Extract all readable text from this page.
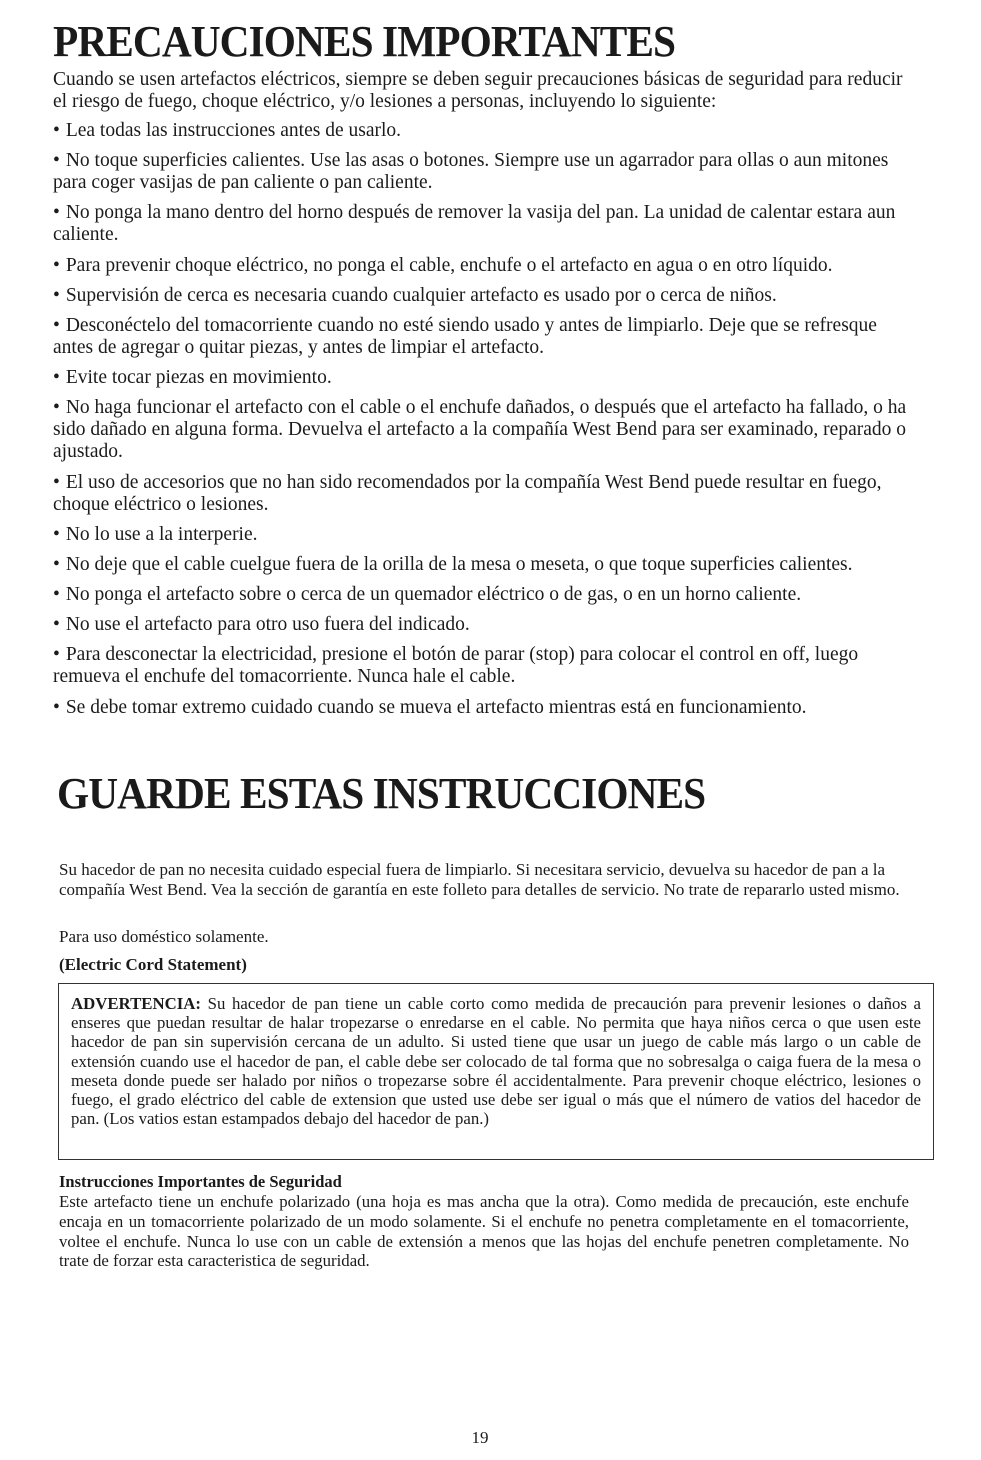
PRECAUCIONES IMPORTANTES

Cuando se usen artefactos eléctricos, siempre se deben seguir precauciones básicas de seguridad para reducir el riesgo de fuego, choque eléctrico, y/o lesiones a personas, incluyendo lo siguiente:

• Lea todas las instrucciones antes de usarlo.
• No toque superficies calientes. Use las asas o botones. Siempre use un agarrador para ollas o aun mitones para coger vasijas de pan caliente o pan caliente.
• No ponga la mano dentro del horno después de remover la vasija del pan. La unidad de calentar estara aun caliente.
• Para prevenir choque eléctrico, no ponga el cable, enchufe o el artefacto en agua o en otro líquido.
• Supervisión de cerca es necesaria cuando cualquier artefacto es usado por o cerca de niños.
• Desconéctelo del tomacorriente cuando no esté siendo usado y antes de limpiarlo. Deje que se refresque antes de agregar o quitar piezas, y antes de limpiar el artefacto.
• Evite tocar piezas en movimiento.
• No haga funcionar el artefacto con el cable o el enchufe dañados, o después que el artefacto ha fallado, o ha sido dañado en alguna forma. Devuelva el artefacto a la compañía West Bend para ser examinado, reparado o ajustado.
• El uso de accesorios que no han sido recomendados por la compañía West Bend puede resultar en fuego, choque eléctrico o lesiones.
• No lo use a la interperie.
• No deje que el cable cuelgue fuera de la orilla de la mesa o meseta, o que toque superficies calientes.
• No ponga el artefacto sobre o cerca de un quemador eléctrico o de gas, o en un horno caliente.
• No use el artefacto para otro uso fuera del indicado.
• Para desconectar la electricidad, presione el botón de parar (stop) para colocar el control en off, luego remueva el enchufe del tomacorriente. Nunca hale el cable.
• Se debe tomar extremo cuidado cuando se mueva el artefacto mientras está en funcionamiento.
GUARDE ESTAS INSTRUCCIONES

Su hacedor de pan no necesita cuidado especial fuera de limpiarlo. Si necesitara servicio, devuelva su hacedor de pan a la compañía West Bend. Vea la sección de garantía en este folleto para detalles de servicio. No trate de repararlo usted mismo.

Para uso doméstico solamente.

(Electric Cord Statement)

ADVERTENCIA: Su hacedor de pan tiene un cable corto como medida de precaución para prevenir lesiones o daños a enseres que puedan resultar de halar tropezarse o enredarse en el cable. No permita que haya niños cerca o que usen este hacedor de pan sin supervisión cercana de un adulto. Si usted tiene que usar un juego de cable más largo o un cable de extensión cuando use el hacedor de pan, el cable debe ser colocado de tal forma que no sobresalga o caiga fuera de la mesa o meseta donde puede ser halado por niños o tropezarse sobre él accidentalmente. Para prevenir choque eléctrico, lesiones o fuego, el grado eléctrico del cable de extension que usted use debe ser igual o más que el número de vatios del hacedor de pan. (Los vatios estan estampados debajo del hacedor de pan.)

Instrucciones Importantes de Seguridad

Este artefacto tiene un enchufe polarizado (una hoja es mas ancha que la otra). Como medida de precaución, este enchufe encaja en un tomacorriente polarizado de un modo solamente. Si el enchufe no penetra completamente en el tomacorriente, voltee el enchufe. Nunca lo use con un cable de extensión a menos que las hojas del enchufe penetren completamente. No trate de forzar esta caracteristica de seguridad.

19
